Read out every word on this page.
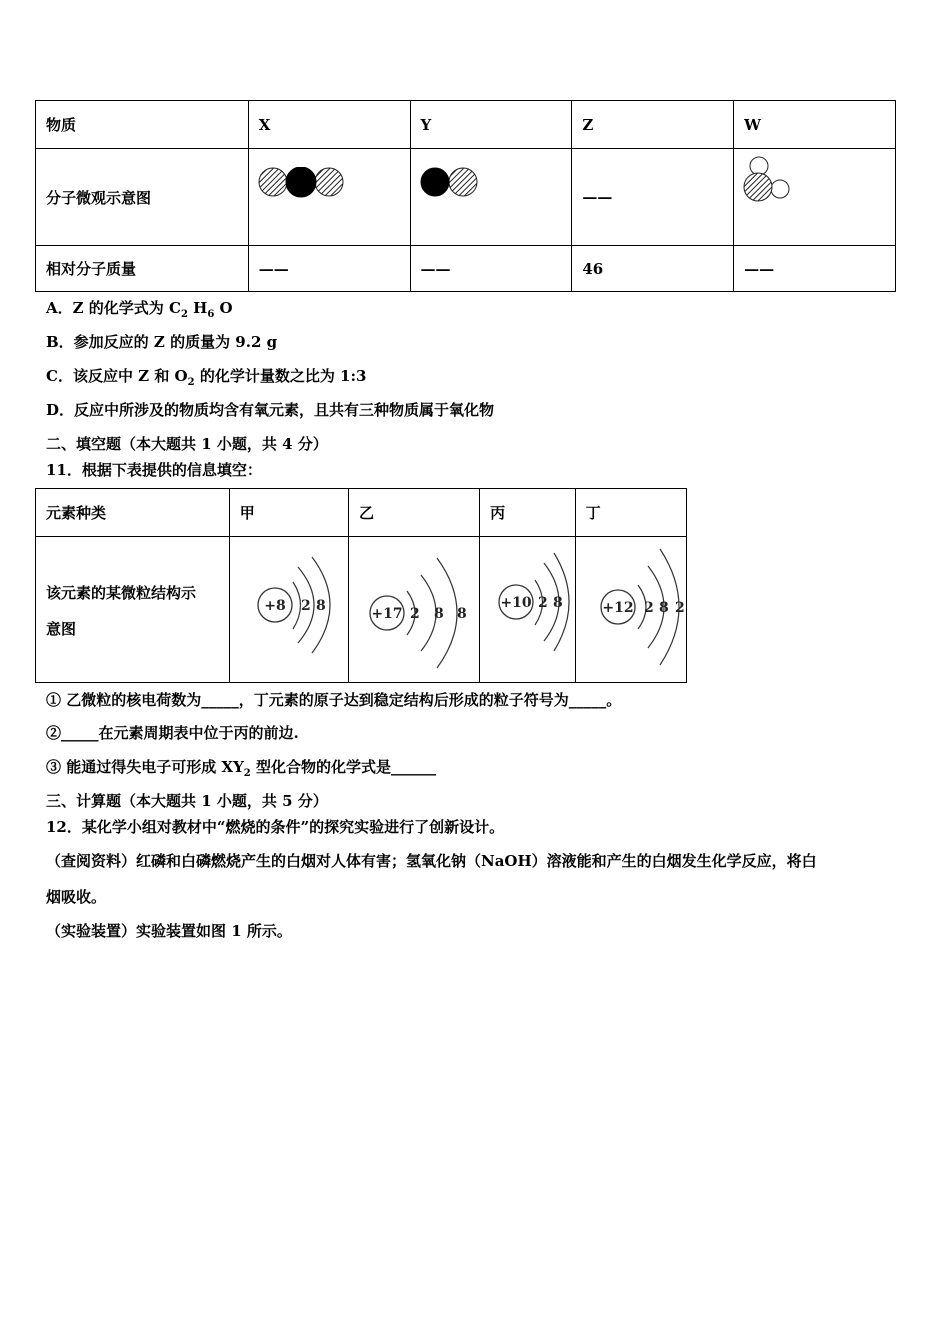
物质	X	Y	Z	W
分子微观示意图			——	

相对分子质量	——	——	46	——
A．Z 的化学式为 $C_2$ $H_6$ O
B．参加反应的 Z 的质量为 9.2 g
C．该反应中 Z 和 $O_2$ 的化学计量数之比为 1:3
D．反应中所涉及的物质均含有氧元素，且共有三种物质属于氧化物
二、填空题（本大题共 1 小题，共 4 分）
11．根据下表提供的信息填空：
元素种类	甲	乙	丙	丁
该元素的某微粒结构示
意图	+8 2 8	+17 2 8 8	+10 2 8	+12 2 8 2
① 乙微粒的核电荷数为_____，丁元素的原子达到稳定结构后形成的粒子符号为_____。
②_____在元素周期表中位于丙的前边.
③ 能通过得失电子可形成 $XY_2$ 型化合物的化学式是______
三、计算题（本大题共 1 小题，共 5 分）
12．某化学小组对教材中“燃烧的条件”的探究实验进行了创新设计。
（查阅资料）红磷和白磷燃烧产生的白烟对人体有害；氢氧化钠（NaOH）溶液能和产生的白烟发生化学反应，将白
烟吸收。
（实验装置）实验装置如图 1 所示。
